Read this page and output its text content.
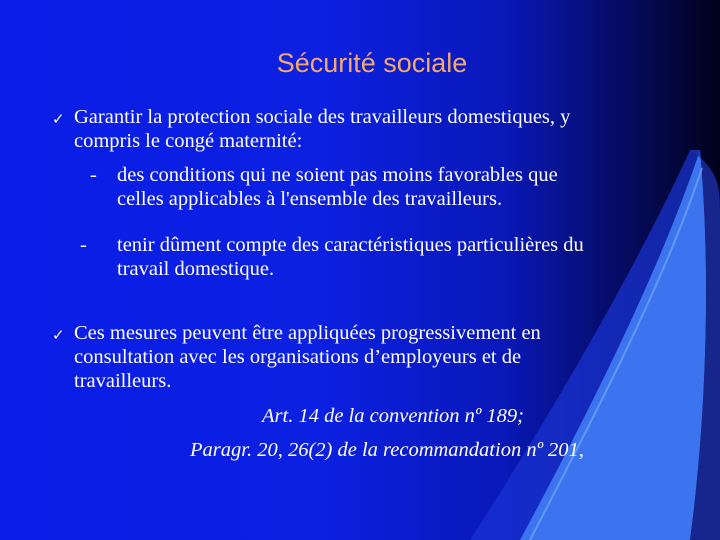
Sécurité sociale
✓ Garantir la protection sociale des travailleurs domestiques, y
compris le congé maternité:
- des conditions qui ne soient pas moins favorables que
celles applicables à l'ensemble des travailleurs.
- tenir dûment compte des caractéristiques particulières du
travail domestique.
✓ Ces mesures peuvent être appliquées progressivement en
consultation avec les organisations d’employeurs et de
travailleurs.
Art. 14 de la convention nº 189;
Paragr. 20, 26(2) de la recommandation nº 201,
